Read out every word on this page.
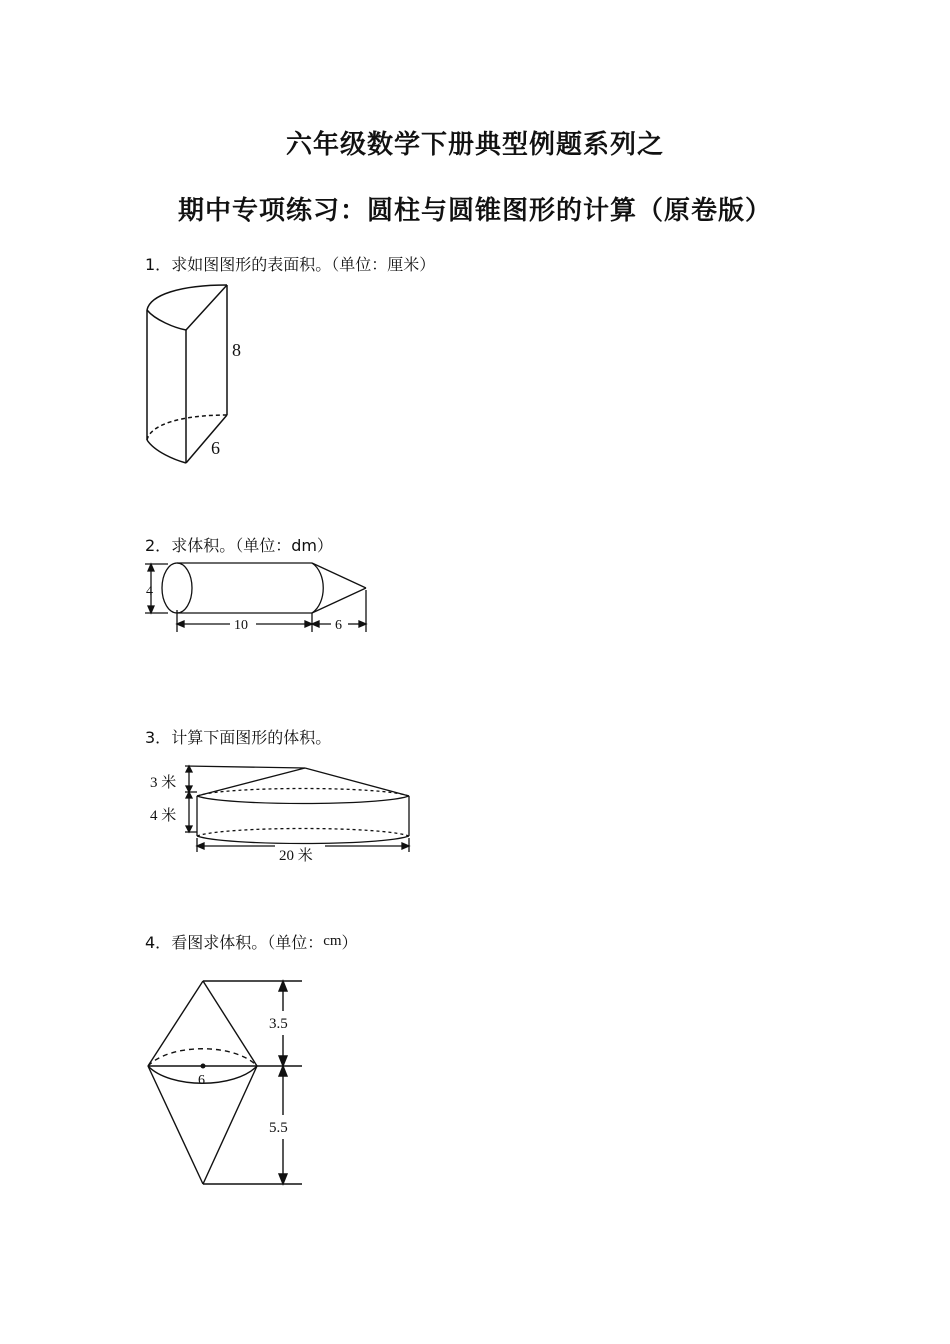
六年级数学下册典型例题系列之
期中专项练习：圆柱与圆锥图形的计算（原卷版）
1．求如图图形的表面积。（单位：厘米）
8
6
2．求体积。（单位：dm）
4
10	6
3．计算下面图形的体积。
3 米
4 米
20 米
4．看图求体积。（单位：cm）
6
3.5
5.5
